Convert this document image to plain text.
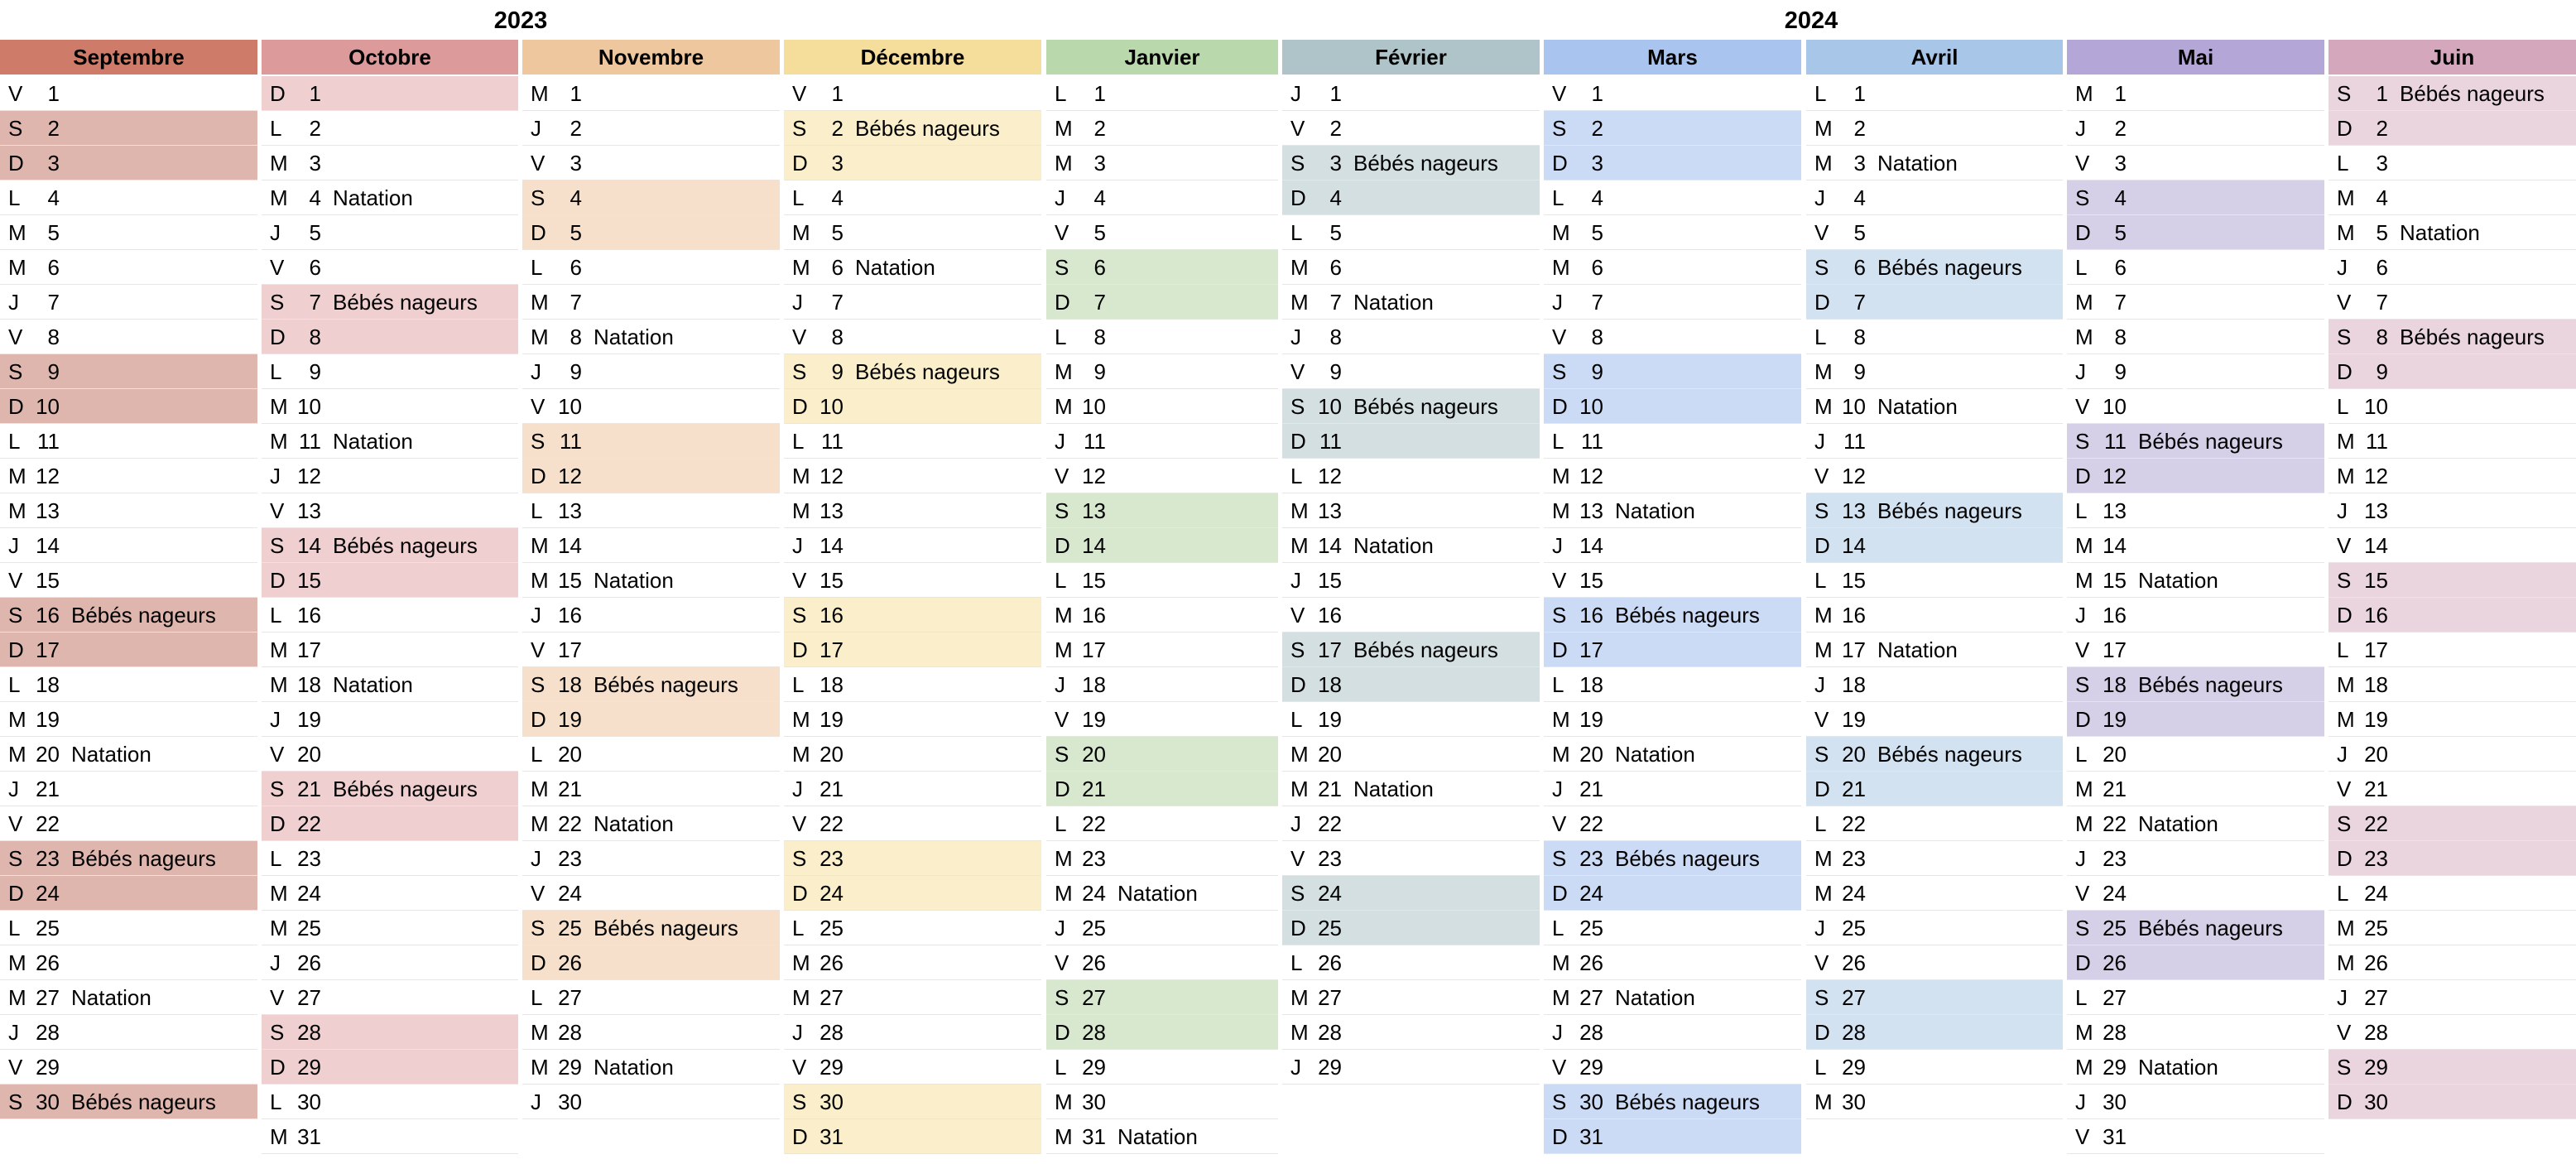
2023	2024
Septembre
V	1
S	2
D	3
L	4
M 5
M 6
J	7
V	8
S	9
D 10
L 11
M 12
M 13
J 14
V 15
S 16 Bébés nageurs
D 17
L 18
M 19
M 20 Natation
J 21
V 22
S 23 Bébés nageurs
D 24
L 25
M 26
M 27 Natation
J 28
V 29
S 30 Bébés nageurs
Octobre
D	1
L	2
M 3
M 4 Natation
J	5
V	6
S	7 Bébés nageurs
D	8
L	9
M 10
M 11 Natation
J 12
V 13
S 14 Bébés nageurs
D 15
L 16
M 17
M 18 Natation
J 19
V 20
S 21 Bébés nageurs
D 22
L 23
M 24
M 25
J 26
V 27
S 28
D 29
L 30
M 31
Novembre
M 1
J	2
V	3
S	4
D	5
L	6
M 7
M 8 Natation
J	9
V 10
S 11
D 12
L 13
M 14
M 15 Natation
J 16
V 17
S 18 Bébés nageurs
D 19
L 20
M 21
M 22 Natation
J 23
V 24
S 25 Bébés nageurs
D 26
L 27
M 28
M 29 Natation
J 30
Décembre
V	1
S	2 Bébés nageurs
D	3
L	4
M 5
M 6 Natation
J	7
V	8
S	9 Bébés nageurs
D 10
L 11
M 12
M 13
J 14
V 15
S 16
D 17
L 18
M 19
M 20
J 21
V 22
S 23
D 24
L 25
M 26
M 27
J 28
V 29
S 30
D 31
Janvier
L	1
M 2
M 3
J	4
V	5
S	6
D	7
L	8
M 9
M 10
J 11
V 12
S 13
D 14
L 15
M 16
M 17
J 18
V 19
S 20
D 21
L 22
M 23
M 24 Natation
J 25
V 26
S 27
D 28
L 29
M 30
M 31 Natation
Février
J	1
V	2
S	3 Bébés nageurs
D	4
L	5
M 6
M 7 Natation
J	8
V	9
S 10 Bébés nageurs
D 11
L 12
M 13
M 14 Natation
J 15
V 16
S 17 Bébés nageurs
D 18
L 19
M 20
M 21 Natation
J 22
V 23
S 24
D 25
L 26
M 27
M 28
J 29
Mars
V	1
S	2
D	3
L	4
M 5
M 6
J	7
V	8
S	9
D 10
L 11
M 12
M 13 Natation
J 14
V 15
S 16 Bébés nageurs
D 17
L 18
M 19
M 20 Natation
J 21
V 22
S 23 Bébés nageurs
D 24
L 25
M 26
M 27 Natation
J 28
V 29
S 30 Bébés nageurs
D 31
Avril
L	1
M 2
M 3 Natation
J	4
V	5
S	6 Bébés nageurs
D	7
L	8
M 9
M 10 Natation
J 11
V 12
S 13 Bébés nageurs
D 14
L 15
M 16
M 17 Natation
J 18
V 19
S 20 Bébés nageurs
D 21
L 22
M 23
M 24
J 25
V 26
S 27
D 28
L 29
M 30
Mai
M 1
J	2
V	3
S	4
D	5
L	6
M 7
M 8
J	9
V 10
S 11 Bébés nageurs
D 12
L 13
M 14
M 15 Natation
J 16
V 17
S 18 Bébés nageurs
D 19
L 20
M 21
M 22 Natation
J 23
V 24
S 25 Bébés nageurs
D 26
L 27
M 28
M 29 Natation
J 30
V 31
Juin
S	1 Bébés nageurs
D	2
L	3
M 4
M 5 Natation
J	6
V	7
S	8 Bébés nageurs
D	9
L 10
M 11
M 12
J 13
V 14
S 15
D 16
L 17
M 18
M 19
J 20
V 21
S 22
D 23
L 24
M 25
M 26
J 27
V 28
S 29
D 30
